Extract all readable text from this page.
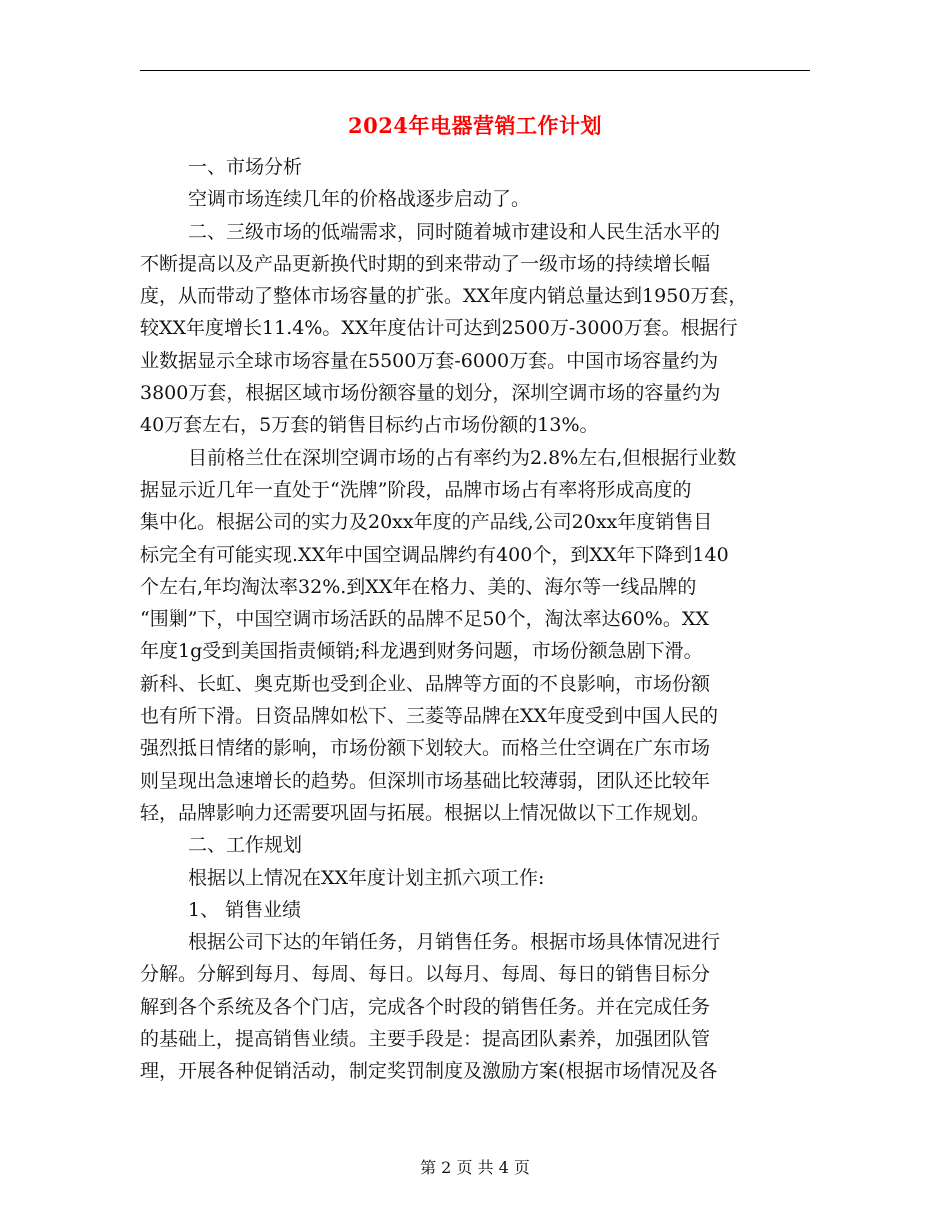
2024年电器营销工作计划
一、市场分析
空调市场连续几年的价格战逐步启动了。
二、三级市场的低端需求，同时随着城市建设和人民生活水平的
不断提高以及产品更新换代时期的到来带动了一级市场的持续增长幅
度，从而带动了整体市场容量的扩张。XX年度内销总量达到1950万套，
较XX年度增长11.4%。XX年度估计可达到2500万-3000万套。根据行
业数据显示全球市场容量在5500万套-6000万套。中国市场容量约为
3800万套，根据区域市场份额容量的划分，深圳空调市场的容量约为
40万套左右，5万套的销售目标约占市场份额的13%。
目前格兰仕在深圳空调市场的占有率约为2.8%左右,但根据行业数
据显示近几年一直处于“洗牌”阶段，品牌市场占有率将形成高度的
集中化。根据公司的实力及20xx年度的产品线,公司20xx年度销售目
标完全有可能实现.XX年中国空调品牌约有400个，到XX年下降到140
个左右,年均淘汰率32%.到XX年在格力、美的、海尔等一线品牌的
“围剿”下，中国空调市场活跃的品牌不足50个，淘汰率达60%。XX
年度1g受到美国指责倾销;科龙遇到财务问题，市场份额急剧下滑。
新科、长虹、奥克斯也受到企业、品牌等方面的不良影响，市场份额
也有所下滑。日资品牌如松下、三菱等品牌在XX年度受到中国人民的
强烈抵日情绪的影响，市场份额下划较大。而格兰仕空调在广东市场
则呈现出急速增长的趋势。但深圳市场基础比较薄弱，团队还比较年
轻，品牌影响力还需要巩固与拓展。根据以上情况做以下工作规划。
二、工作规划
根据以上情况在XX年度计划主抓六项工作:
1、 销售业绩
根据公司下达的年销任务，月销售任务。根据市场具体情况进行
分解。分解到每月、每周、每日。以每月、每周、每日的销售目标分
解到各个系统及各个门店，完成各个时段的销售任务。并在完成任务
的基础上，提高销售业绩。主要手段是：提高团队素养，加强团队管
理，开展各种促销活动，制定奖罚制度及激励方案(根据市场情况及各
第 2 页 共 4 页
